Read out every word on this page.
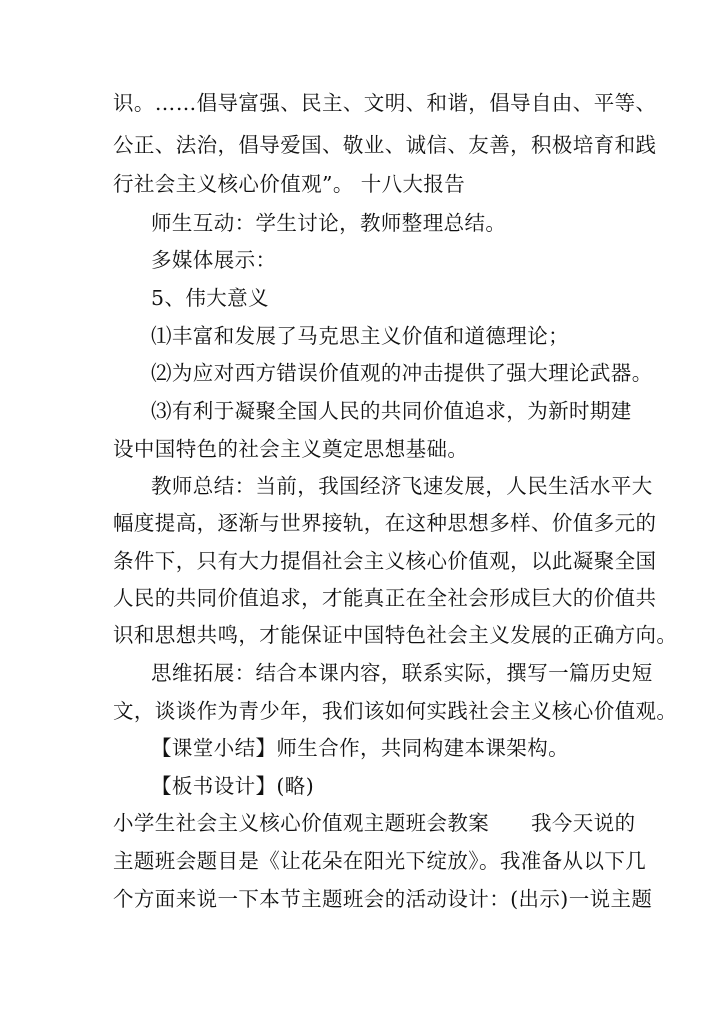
识。……倡导富强、民主、文明、和谐，倡导自由、平等、
公正、法治，倡导爱国、敬业、诚信、友善，积极培育和践
行社会主义核心价值观”。 十八大报告
师生互动：学生讨论，教师整理总结。
多媒体展示：
5、伟大意义
⑴丰富和发展了马克思主义价值和道德理论；
⑵为应对西方错误价值观的冲击提供了强大理论武器。
⑶有利于凝聚全国人民的共同价值追求，为新时期建
设中国特色的社会主义奠定思想基础。
教师总结：当前，我国经济飞速发展，人民生活水平大
幅度提高，逐渐与世界接轨，在这种思想多样、价值多元的
条件下，只有大力提倡社会主义核心价值观，以此凝聚全国
人民的共同价值追求，才能真正在全社会形成巨大的价值共
识和思想共鸣，才能保证中国特色社会主义发展的正确方向。
思维拓展：结合本课内容，联系实际，撰写一篇历史短
文，谈谈作为青少年，我们该如何实践社会主义核心价值观。
【课堂小结】师生合作，共同构建本课架构。
【板书设计】(略)
小学生社会主义核心价值观主题班会教案　　我今天说的
主题班会题目是《让花朵在阳光下绽放》。我准备从以下几
个方面来说一下本节主题班会的活动设计：(出示)一说主题
